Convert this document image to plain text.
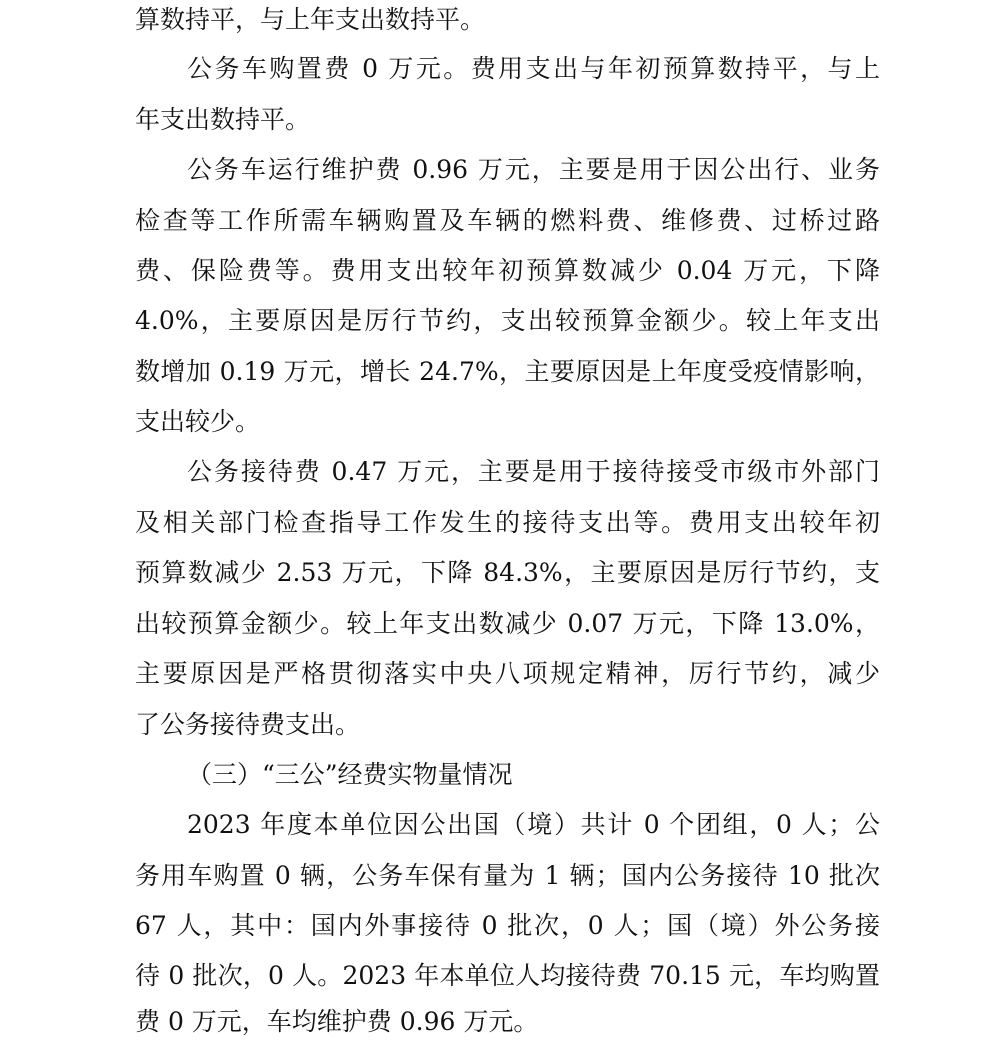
算数持平，与上年支出数持平。
公务车购置费 0 万元。费用支出与年初预算数持平，与上
年支出数持平。
公务车运行维护费 0.96 万元，主要是用于因公出行、业务
检查等工作所需车辆购置及车辆的燃料费、维修费、过桥过路
费、保险费等。费用支出较年初预算数减少 0.04 万元，下降
4.0%，主要原因是厉行节约，支出较预算金额少。较上年支出
数增加 0.19 万元，增长 24.7%，主要原因是上年度受疫情影响，
支出较少。
公务接待费 0.47 万元，主要是用于接待接受市级市外部门
及相关部门检查指导工作发生的接待支出等。费用支出较年初
预算数减少 2.53 万元，下降 84.3%，主要原因是厉行节约，支
出较预算金额少。较上年支出数减少 0.07 万元，下降 13.0%，
主要原因是严格贯彻落实中央八项规定精神，厉行节约，减少
了公务接待费支出。
（三）“三公”经费实物量情况
2023 年度本单位因公出国（境）共计 0 个团组，0 人；公
务用车购置 0 辆，公务车保有量为 1 辆；国内公务接待 10 批次
67 人，其中：国内外事接待 0 批次，0 人；国（境）外公务接
待 0 批次，0 人。2023 年本单位人均接待费 70.15 元，车均购置
费 0 万元，车均维护费 0.96 万元。
